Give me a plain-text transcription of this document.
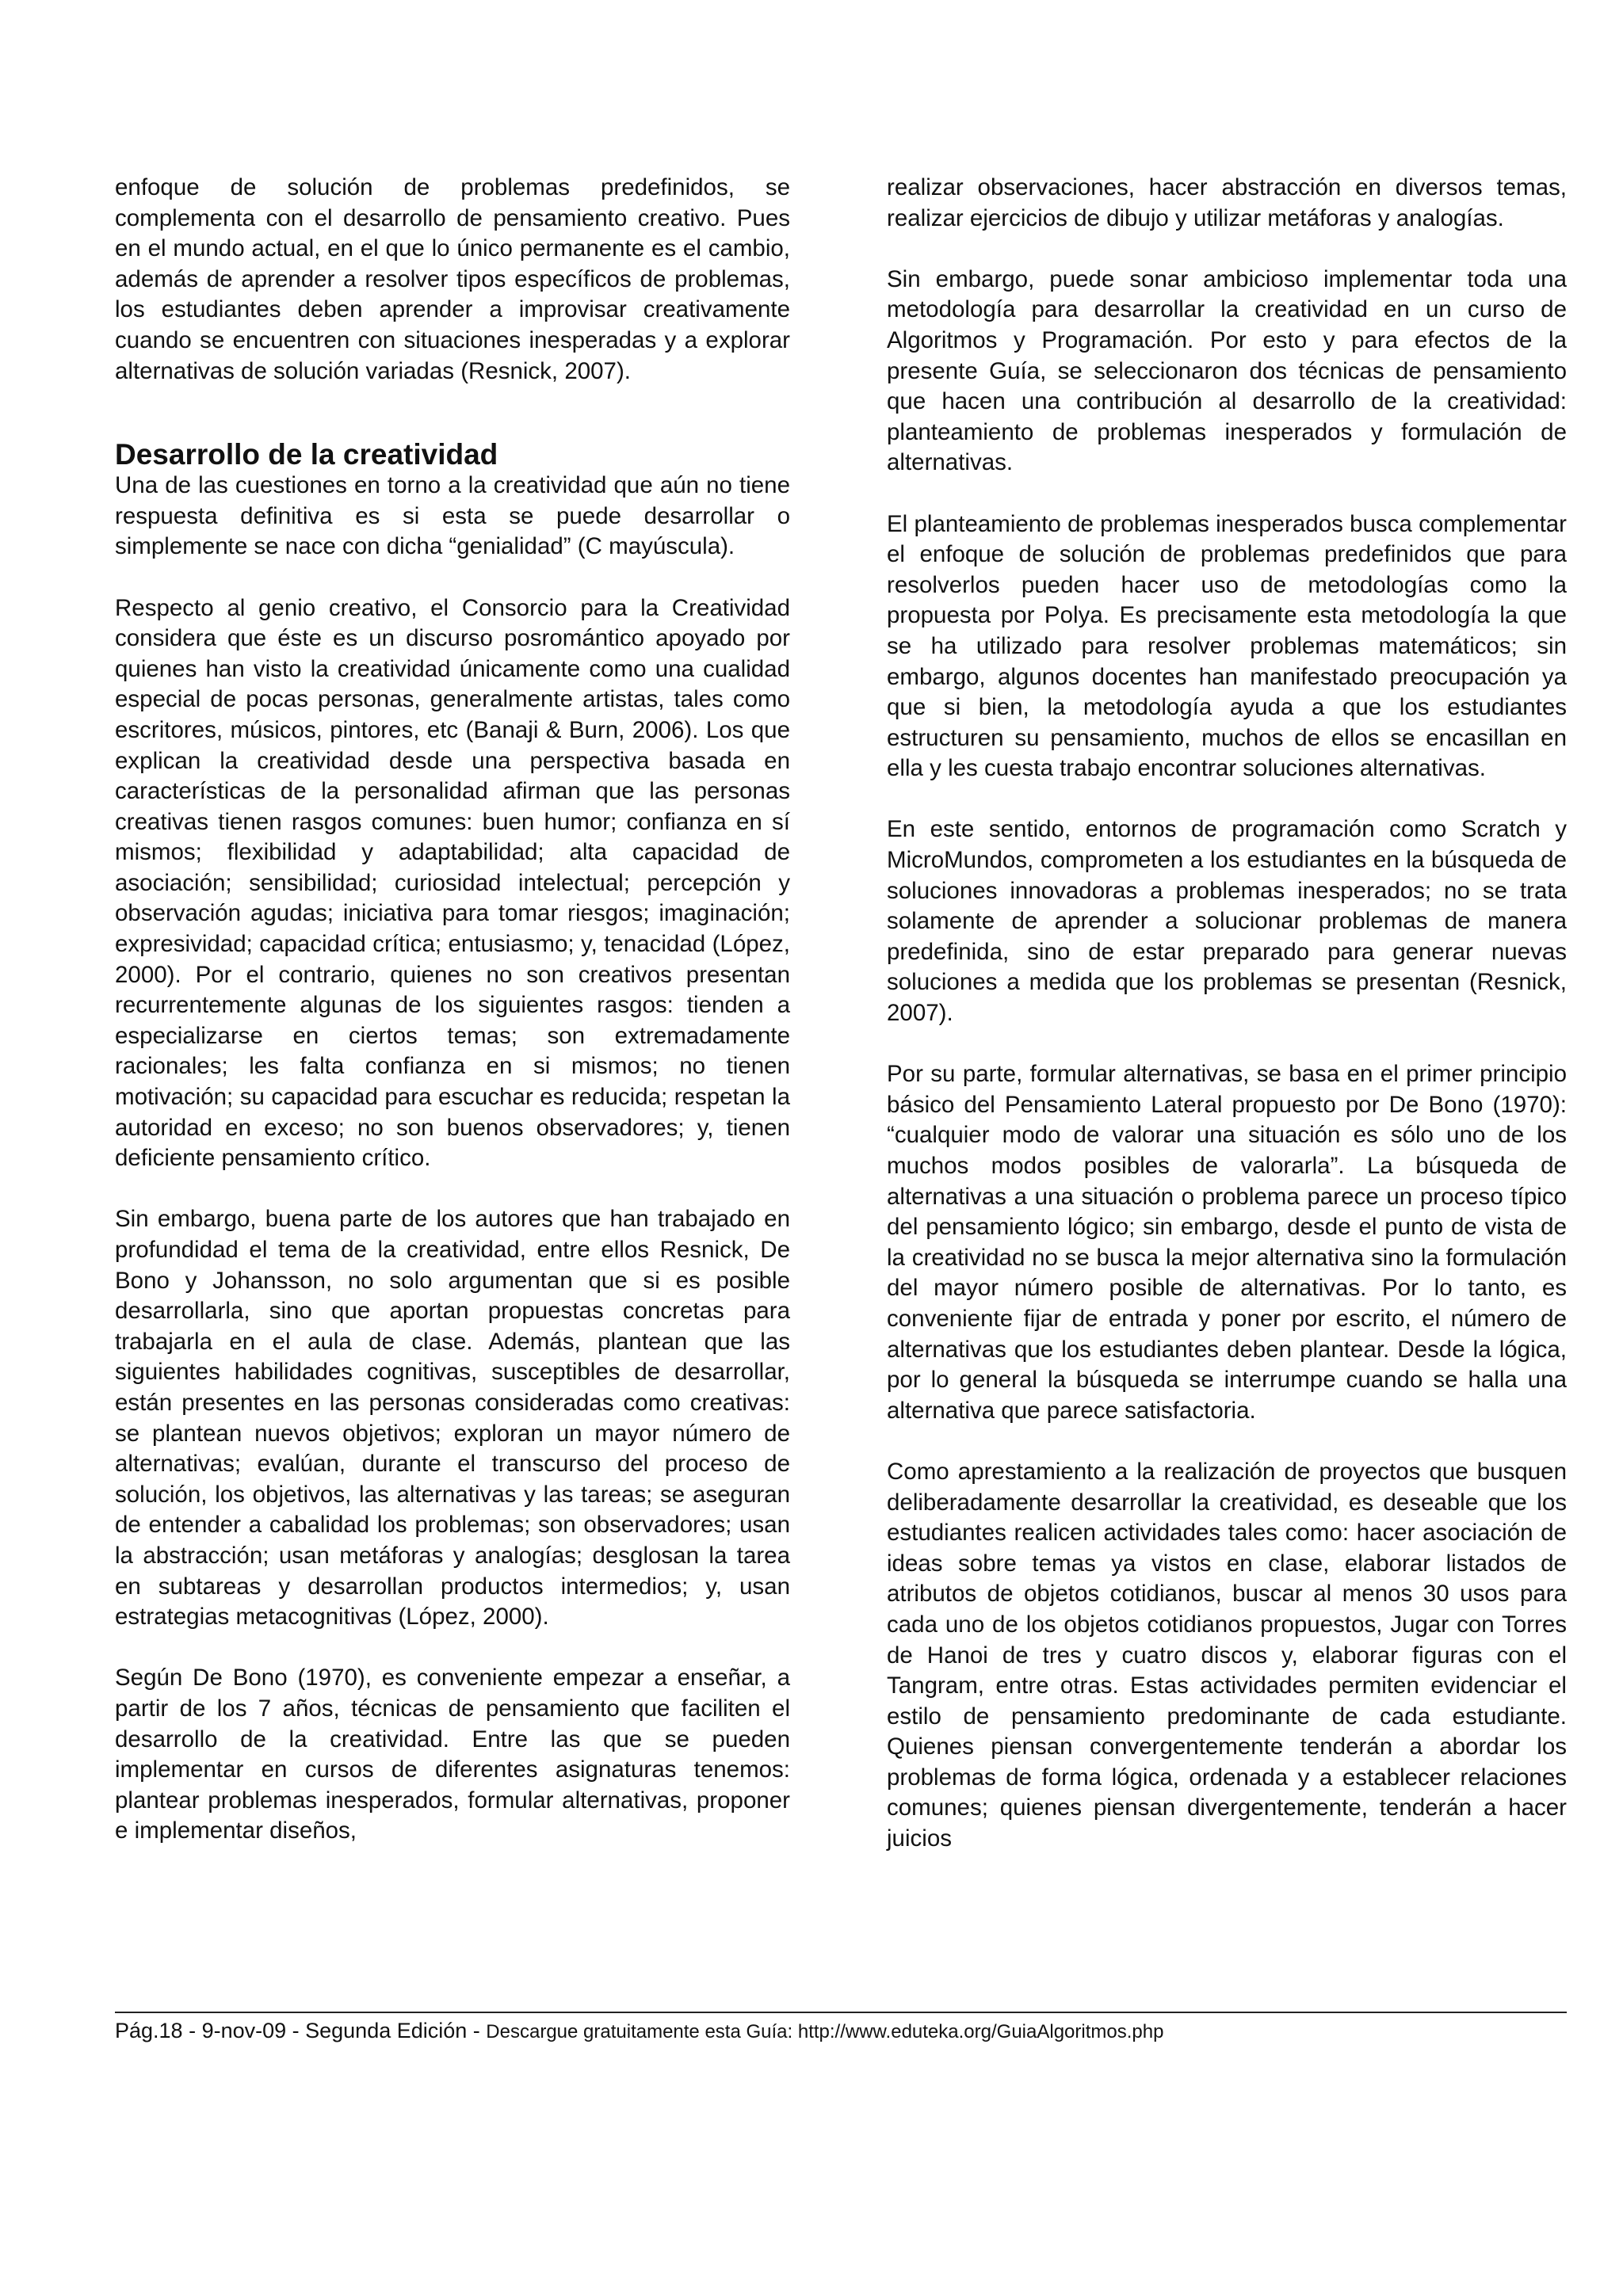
enfoque de solución de problemas predefinidos, se complementa con el desarrollo de pensamiento creativo. Pues en el mundo actual, en el que lo único permanente es el cambio, además de aprender a resolver tipos específicos de problemas, los estudiantes deben aprender a improvisar creativamente cuando se encuentren con situaciones inesperadas y a explorar alternativas de solución variadas (Resnick, 2007).

Desarrollo de la creatividad

Una de las cuestiones en torno a la creatividad que aún no tiene respuesta definitiva es si esta se puede desarrollar o simplemente se nace con dicha “genialidad” (C mayúscula).

Respecto al genio creativo, el Consorcio para la Creatividad considera que éste es un discurso posromántico apoyado por quienes han visto la creatividad únicamente como una cualidad especial de pocas personas, generalmente artistas, tales como escritores, músicos, pintores, etc (Banaji & Burn, 2006). Los que explican la creatividad desde una perspectiva basada en características de la personalidad afirman que las personas creativas tienen rasgos comunes: buen humor; confianza en sí mismos; flexibilidad y adaptabilidad; alta capacidad de asociación; sensibilidad; curiosidad intelectual; percepción y observación agudas; iniciativa para tomar riesgos; imaginación; expresividad; capacidad crítica; entusiasmo; y, tenacidad (López, 2000). Por el contrario, quienes no son creativos presentan recurrentemente algunas de los siguientes rasgos: tienden a especializarse en ciertos temas; son extremadamente racionales; les falta confianza en si mismos; no tienen motivación; su capacidad para escuchar es reducida; respetan la autoridad en exceso; no son buenos observadores; y, tienen deficiente pensamiento crítico.

Sin embargo, buena parte de los autores que han trabajado en profundidad el tema de la creatividad, entre ellos Resnick, De Bono y Johansson, no solo argumentan que si es posible desarrollarla, sino que aportan propuestas concretas para trabajarla en el aula de clase. Además, plantean que las siguientes habilidades cognitivas, susceptibles de desarrollar, están presentes en las personas consideradas como creativas: se plantean nuevos objetivos; exploran un mayor número de alternativas; evalúan, durante el transcurso del proceso de solución, los objetivos, las alternativas y las tareas; se aseguran de entender a cabalidad los problemas; son observadores; usan la abstracción; usan metáforas y analogías; desglosan la tarea en subtareas y desarrollan productos intermedios; y, usan estrategias metacognitivas (López, 2000).

Según De Bono (1970), es conveniente empezar a enseñar, a partir de los 7 años, técnicas de pensamiento que faciliten el desarrollo de la creatividad. Entre las que se pueden implementar en cursos de diferentes asignaturas tenemos: plantear problemas inesperados, formular alternativas, proponer e implementar diseños,

realizar observaciones, hacer abstracción en diversos temas, realizar ejercicios de dibujo y utilizar metáforas y analogías.

Sin embargo, puede sonar ambicioso implementar toda una metodología para desarrollar la creatividad en un curso de Algoritmos y Programación. Por esto y para efectos de la presente Guía, se seleccionaron dos técnicas de pensamiento que hacen una contribución al desarrollo de la creatividad: planteamiento de problemas inesperados y formulación de alternativas.

El planteamiento de problemas inesperados busca complementar el enfoque de solución de problemas predefinidos que para resolverlos pueden hacer uso de metodologías como la propuesta por Polya. Es precisamente esta metodología la que se ha utilizado para resolver problemas matemáticos; sin embargo, algunos docentes han manifestado preocupación ya que si bien, la metodología ayuda a que los estudiantes estructuren su pensamiento, muchos de ellos se encasillan en ella y les cuesta trabajo encontrar soluciones alternativas.

En este sentido, entornos de programación como Scratch y MicroMundos, comprometen a los estudiantes en la búsqueda de soluciones innovadoras a problemas inesperados; no se trata solamente de aprender a solucionar problemas de manera predefinida, sino de estar preparado para generar nuevas soluciones a medida que los problemas se presentan (Resnick, 2007).

Por su parte, formular alternativas, se basa en el primer principio básico del Pensamiento Lateral propuesto por De Bono (1970): “cualquier modo de valorar una situación es sólo uno de los muchos modos posibles de valorarla”. La búsqueda de alternativas a una situación o problema parece un proceso típico del pensamiento lógico; sin embargo, desde el punto de vista de la creatividad no se busca la mejor alternativa sino la formulación del mayor número posible de alternativas. Por lo tanto, es conveniente fijar de entrada y poner por escrito, el número de alternativas que los estudiantes deben plantear. Desde la lógica, por lo general la búsqueda se interrumpe cuando se halla una alternativa que parece satisfactoria.

Como aprestamiento a la realización de proyectos que busquen deliberadamente desarrollar la creatividad, es deseable que los estudiantes realicen actividades tales como: hacer asociación de ideas sobre temas ya vistos en clase, elaborar listados de atributos de objetos cotidianos, buscar al menos 30 usos para cada uno de los objetos cotidianos propuestos, Jugar con Torres de Hanoi de tres y cuatro discos y, elaborar figuras con el Tangram, entre otras. Estas actividades permiten evidenciar el estilo de pensamiento predominante de cada estudiante. Quienes piensan convergentemente tenderán a abordar los problemas de forma lógica, ordenada y a establecer relaciones comunes; quienes piensan divergentemente, tenderán a hacer juicios

Pág.18 - 9-nov-09 - Segunda Edición - Descargue gratuitamente esta Guía: http://www.eduteka.org/GuiaAlgoritmos.php
